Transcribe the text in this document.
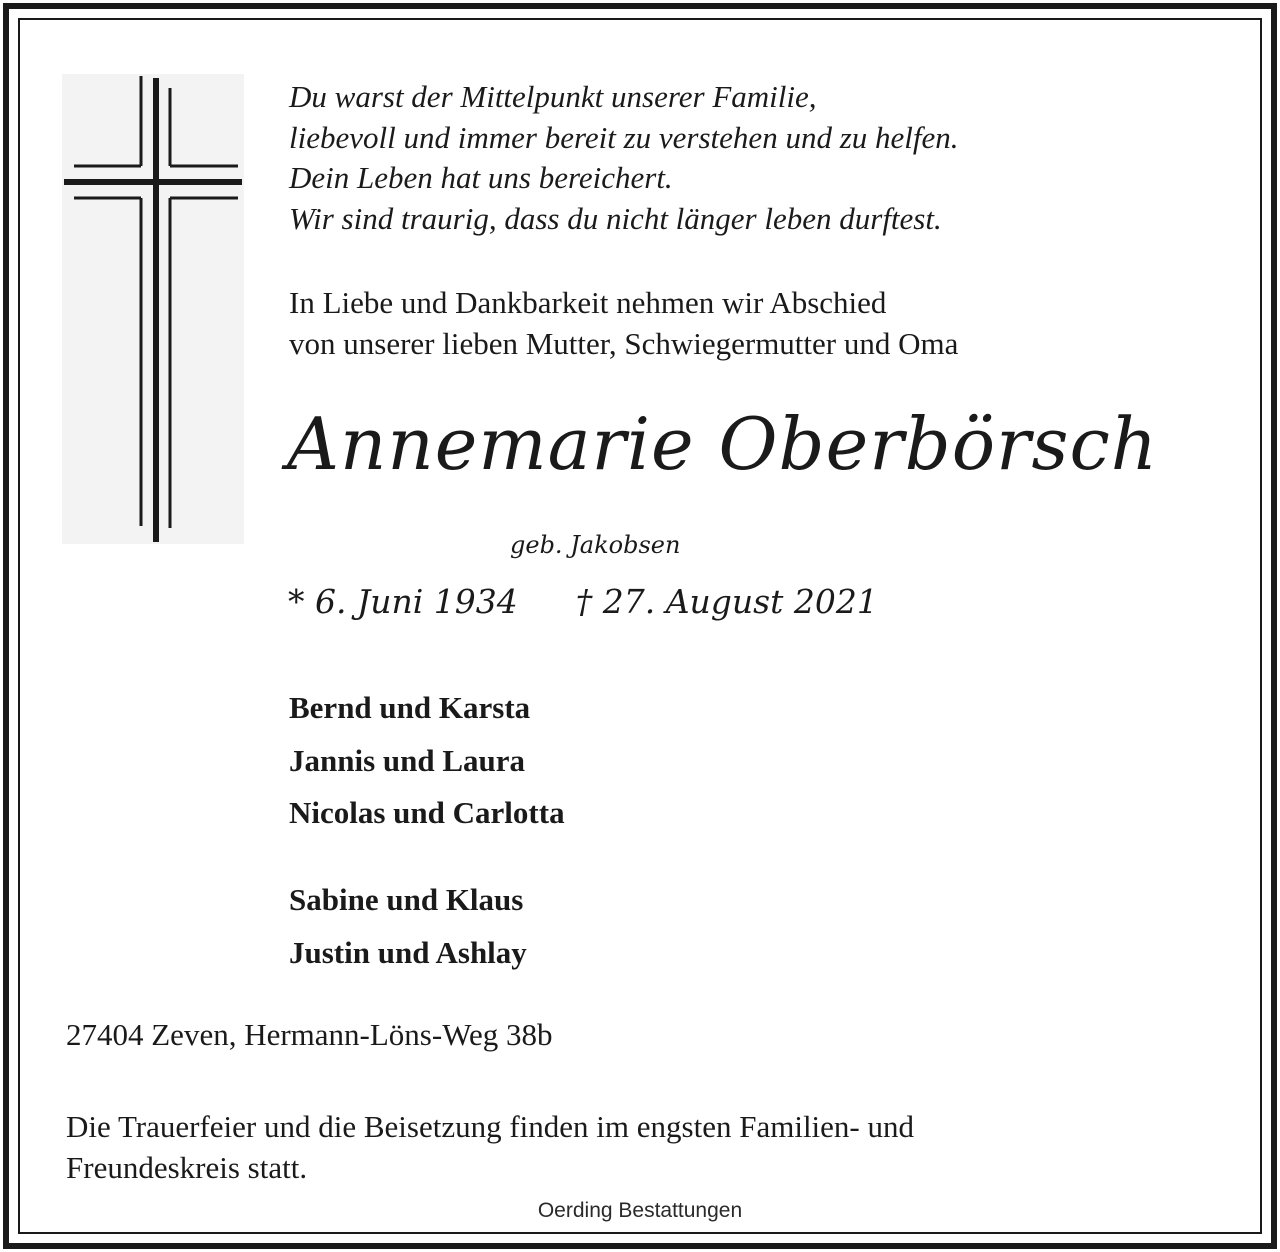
Du warst der Mittelpunkt unserer Familie,
liebevoll und immer bereit zu verstehen und zu helfen.
Dein Leben hat uns bereichert.
Wir sind traurig, dass du nicht länger leben durftest.
In Liebe und Dankbarkeit nehmen wir Abschied
von unserer lieben Mutter, Schwiegermutter und Oma
Annemarie Oberbörsch
geb. Jakobsen
* 6. Juni 1934 † 27. August 2021
Bernd und Karsta
Jannis und Laura
Nicolas und Carlotta
Sabine und Klaus
Justin und Ashlay
27404 Zeven, Hermann-Löns-Weg 38b
Die Trauerfeier und die Beisetzung finden im engsten Familien- und
Freundeskreis statt.
Oerding Bestattungen
